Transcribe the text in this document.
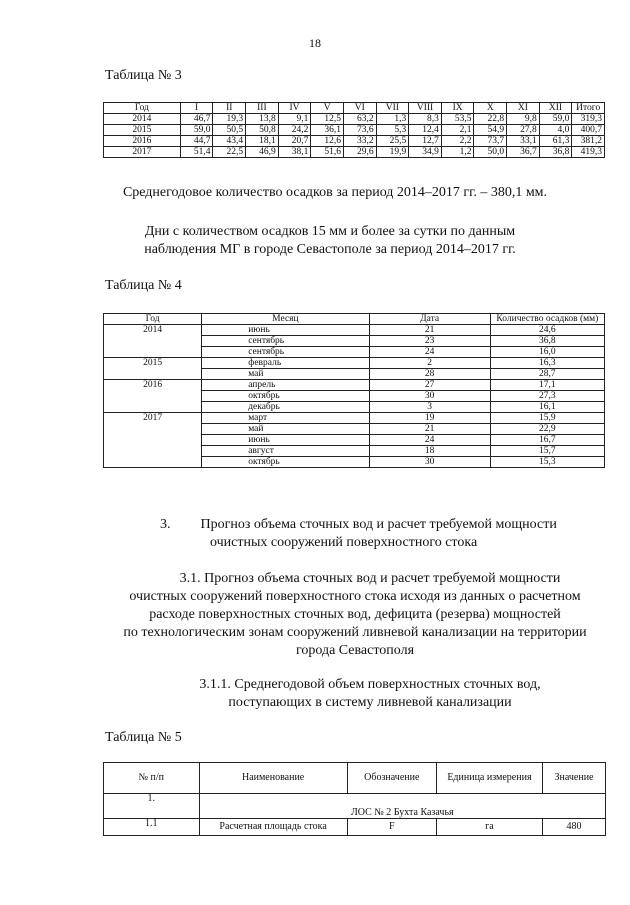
18
Таблица № 3
Год	I	II	III	IV	V	VI	VII	VIII	IX	X	XI	XII	Итого
2014	46,7	19,3	13,8	9,1	12,5	63,2	1,3	8,3	53,5	22,8	9,8	59,0	319,3
2015	59,0	50,5	50,8	24,2	36,1	73,6	5,3	12,4	2,1	54,9	27,8	4,0	400,7
2016	44,7	43,4	18,1	20,7	12,6	33,2	25,5	12,7	2,2	73,7	33,1	61,3	381,2
2017	51,4	22,5	46,9	38,1	51,6	29,6	19,9	34,9	1,2	50,0	36,7	36,8	419,3
Среднегодовое количество осадков за период 2014–2017 гг. – 380,1 мм.
Дни с количеством осадков 15 мм и более за сутки по данным
наблюдения МГ в городе Севастополе за период 2014–2017 гг.
Таблица № 4
Год	Месяц	Дата	Количество осадков (мм)
2014	июнь	21	24,6
	сентябрь	23	36,8
	сентябрь	24	16,0
2015	февраль	2	16,3
	май	28	28,7
2016	апрель	27	17,1
	октябрь	30	27,3
	декабрь	3	16,1
2017	март	19	15,9
	май	21	22,9
	июнь	24	16,7
	август	18	15,7
	октябрь	30	15,3
3. Прогноз объема сточных вод и расчет требуемой мощности
очистных сооружений поверхностного стока
3.1. Прогноз объема сточных вод и расчет требуемой мощности
очистных сооружений поверхностного стока исходя из данных о расчетном
расходе поверхностных сточных вод, дефицита (резерва) мощностей
по технологическим зонам сооружений ливневой канализации на территории
города Севастополя
3.1.1. Среднегодовой объем поверхностных сточных вод,
поступающих в систему ливневой канализации
Таблица № 5
№ п/п	Наименование	Обозначение	Единица измерения	Значение
1.	ЛОС № 2 Бухта Казачья			
1.1	Расчетная площадь стока	F	га	480
